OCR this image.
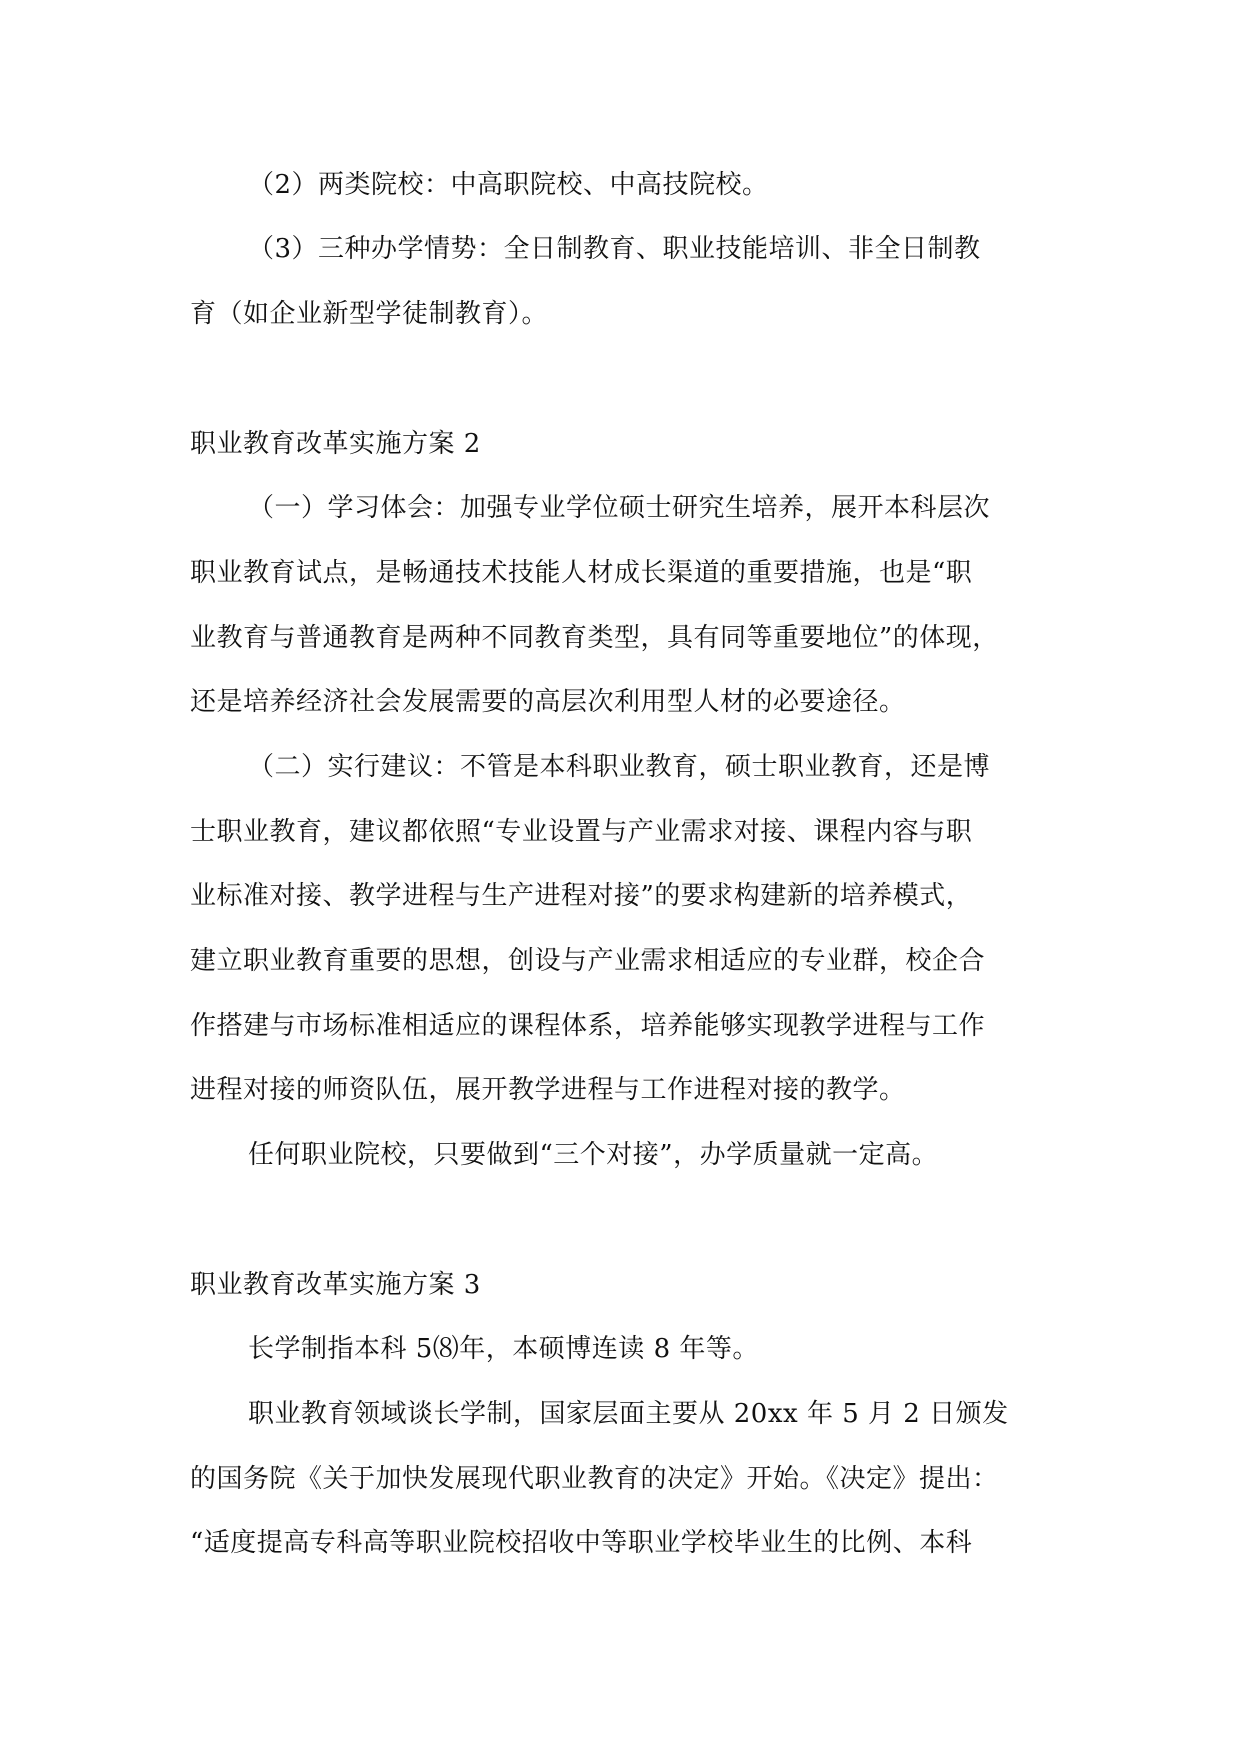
（2）两类院校：中高职院校、中高技院校。
（3）三种办学情势：全日制教育、职业技能培训、非全日制教
育（如企业新型学徒制教育）。
职业教育改革实施方案 2
（一）学习体会：加强专业学位硕士研究生培养，展开本科层次
职业教育试点，是畅通技术技能人材成长渠道的重要措施，也是“职
业教育与普通教育是两种不同教育类型，具有同等重要地位”的体现，
还是培养经济社会发展需要的高层次利用型人材的必要途径。
（二）实行建议：不管是本科职业教育，硕士职业教育，还是博
士职业教育，建议都依照“专业设置与产业需求对接、课程内容与职
业标准对接、教学进程与生产进程对接”的要求构建新的培养模式，
建立职业教育重要的思想，创设与产业需求相适应的专业群，校企合
作搭建与市场标准相适应的课程体系，培养能够实现教学进程与工作
进程对接的师资队伍，展开教学进程与工作进程对接的教学。
任何职业院校，只要做到“三个对接”，办学质量就一定高。
职业教育改革实施方案 3
长学制指本科 5⑻年，本硕博连读 8 年等。
职业教育领域谈长学制，国家层面主要从 20xx 年 5 月 2 日颁发
的国务院《关于加快发展现代职业教育的决定》开始。《决定》提出：
“适度提高专科高等职业院校招收中等职业学校毕业生的比例、本科
